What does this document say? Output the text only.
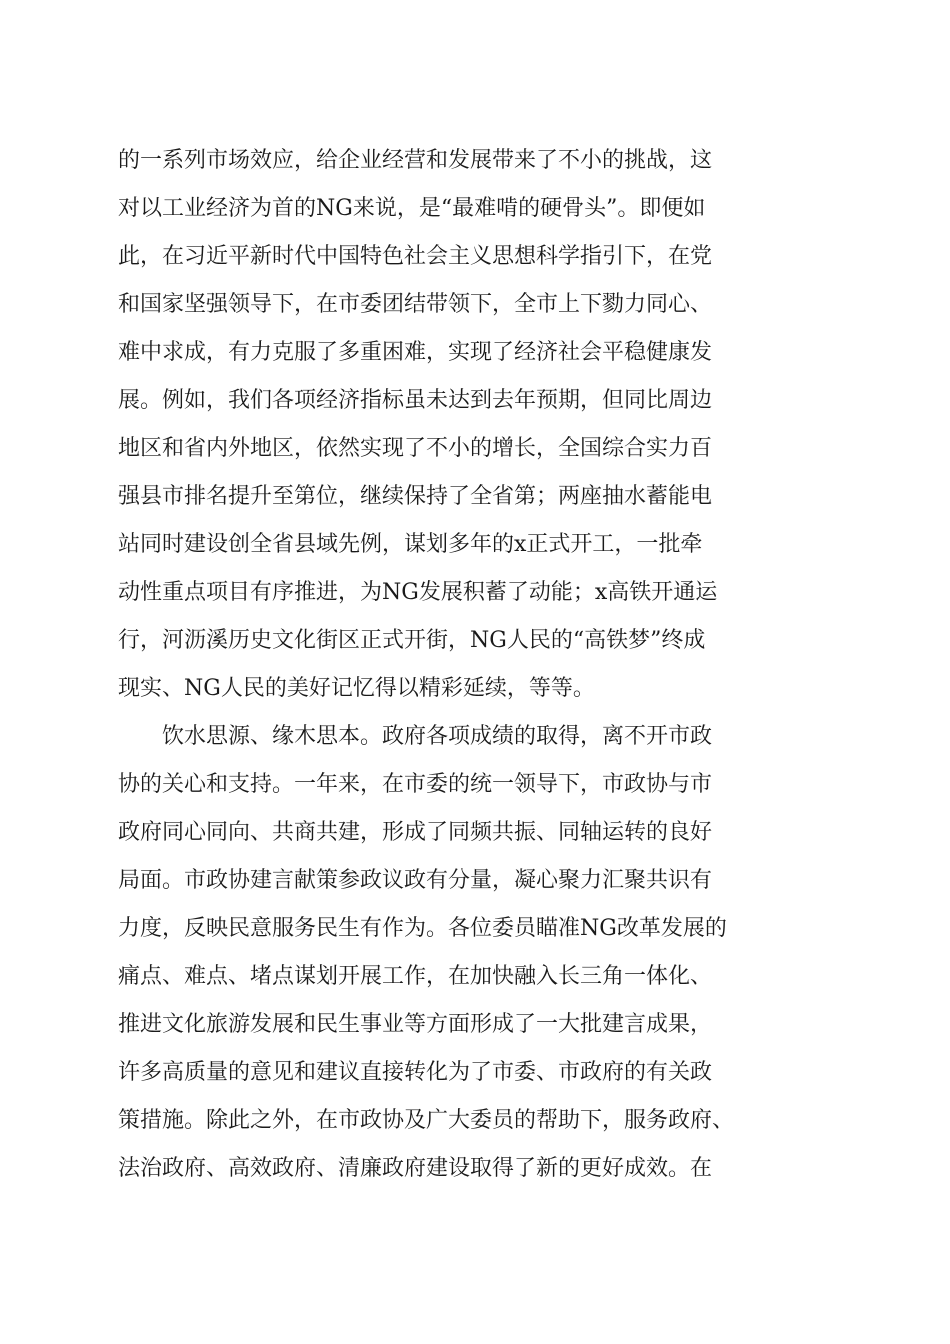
的一系列市场效应，给企业经营和发展带来了不小的挑战，这
对以工业经济为首的NG来说，是“最难啃的硬骨头”。即便如
此，在习近平新时代中国特色社会主义思想科学指引下，在党
和国家坚强领导下，在市委团结带领下，全市上下勠力同心、
难中求成，有力克服了多重困难，实现了经济社会平稳健康发
展。例如，我们各项经济指标虽未达到去年预期，但同比周边
地区和省内外地区，依然实现了不小的增长，全国综合实力百
强县市排名提升至第位，继续保持了全省第；两座抽水蓄能电
站同时建设创全省县域先例，谋划多年的x正式开工，一批牵
动性重点项目有序推进，为NG发展积蓄了动能；x高铁开通运
行，河沥溪历史文化街区正式开街，NG人民的“高铁梦”终成
现实、NG人民的美好记忆得以精彩延续，等等。
饮水思源、缘木思本。政府各项成绩的取得，离不开市政
协的关心和支持。一年来，在市委的统一领导下，市政协与市
政府同心同向、共商共建，形成了同频共振、同轴运转的良好
局面。市政协建言献策参政议政有分量，凝心聚力汇聚共识有
力度，反映民意服务民生有作为。各位委员瞄准NG改革发展的
痛点、难点、堵点谋划开展工作，在加快融入长三角一体化、
推进文化旅游发展和民生事业等方面形成了一大批建言成果，
许多高质量的意见和建议直接转化为了市委、市政府的有关政
策措施。除此之外，在市政协及广大委员的帮助下，服务政府、
法治政府、高效政府、清廉政府建设取得了新的更好成效。在
